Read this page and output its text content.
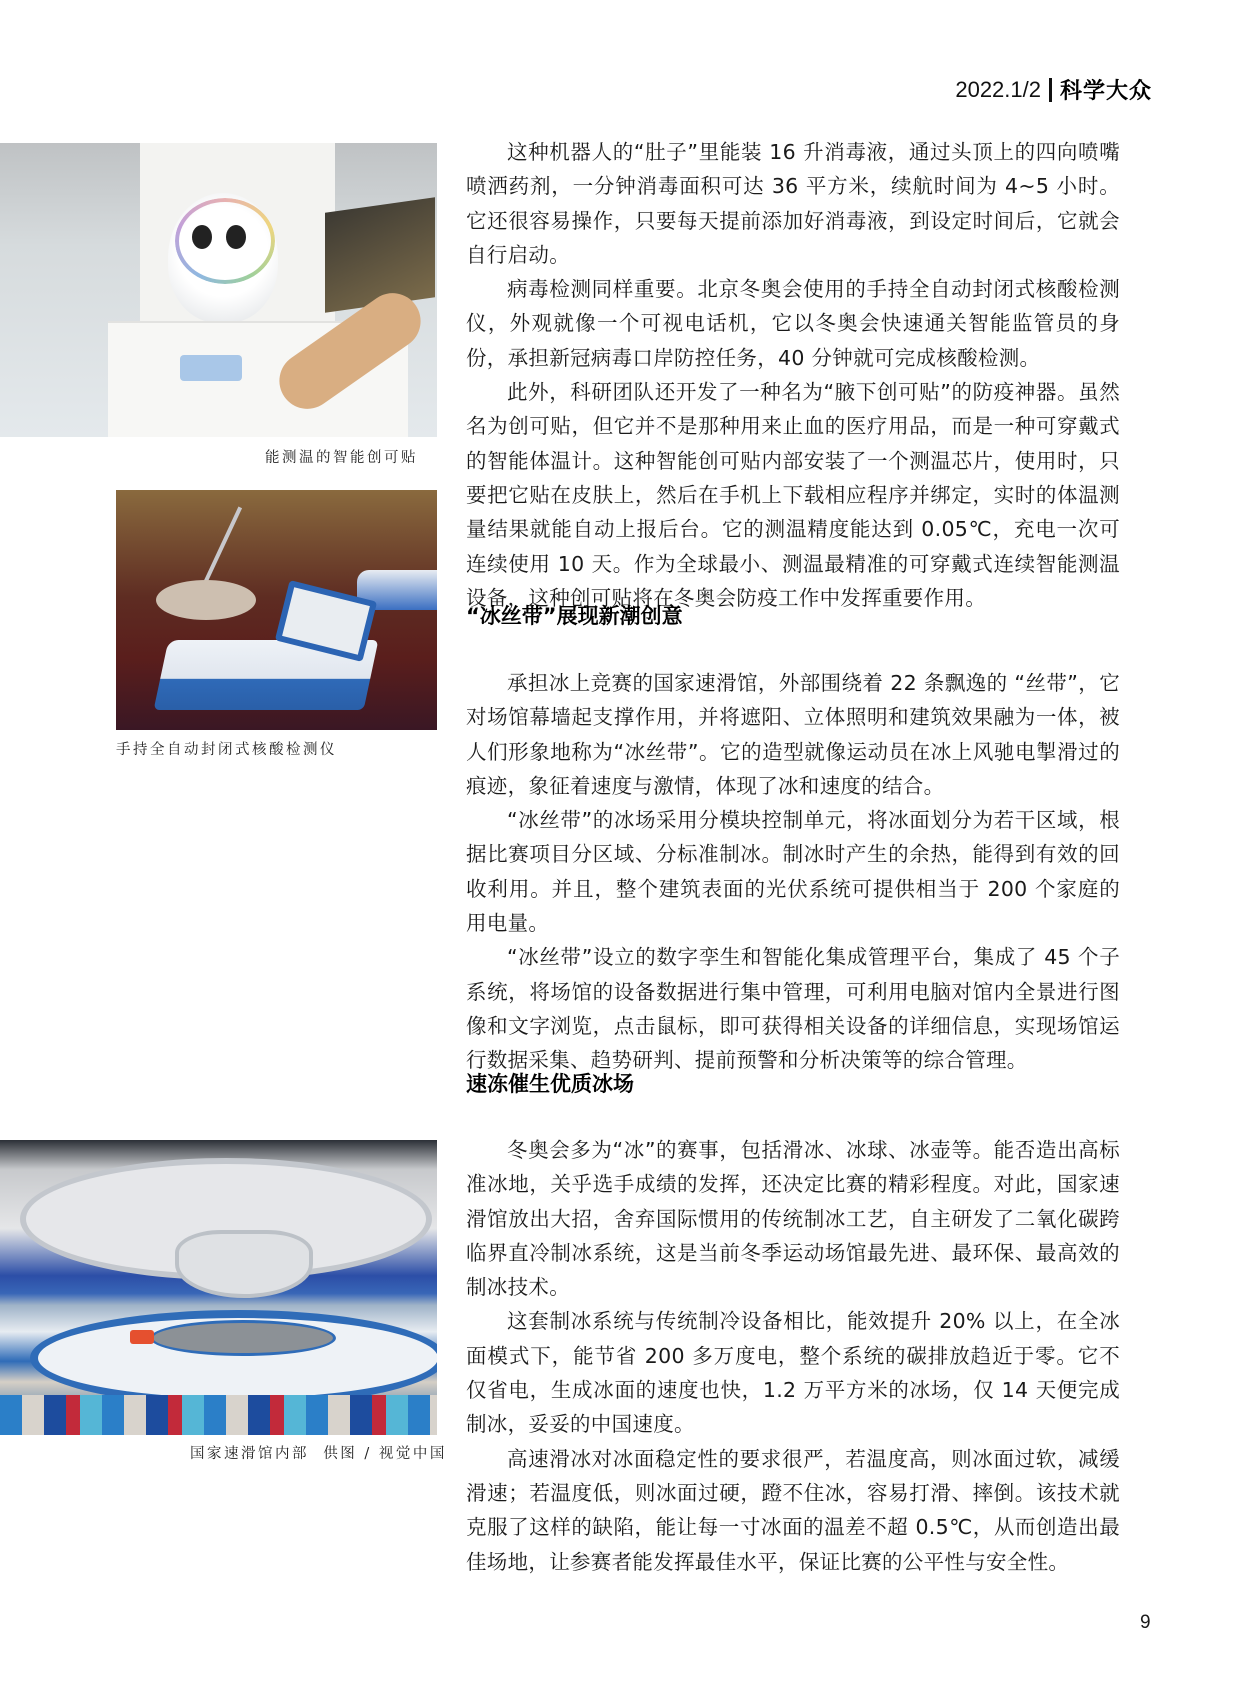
2022.1/2 科学大众
能测温的智能创可贴
手持全自动封闭式核酸检测仪
国家速滑馆内部  供图 / 视觉中国

这种机器人的“肚子”里能装 16 升消毒液，通过头顶上的四向喷嘴喷洒药剂，一分钟消毒面积可达 36 平方米，续航时间为 4~5 小时。它还很容易操作，只要每天提前添加好消毒液，到设定时间后，它就会自行启动。

病毒检测同样重要。北京冬奥会使用的手持全自动封闭式核酸检测仪，外观就像一个可视电话机，它以冬奥会快速通关智能监管员的身份，承担新冠病毒口岸防控任务，40 分钟就可完成核酸检测。

此外，科研团队还开发了一种名为“腋下创可贴”的防疫神器。虽然名为创可贴，但它并不是那种用来止血的医疗用品，而是一种可穿戴式的智能体温计。这种智能创可贴内部安装了一个测温芯片，使用时，只要把它贴在皮肤上，然后在手机上下载相应程序并绑定，实时的体温测量结果就能自动上报后台。它的测温精度能达到 0.05℃，充电一次可连续使用 10 天。作为全球最小、测温最精准的可穿戴式连续智能测温设备，这种创可贴将在冬奥会防疫工作中发挥重要作用。

“冰丝带”展现新潮创意

承担冰上竞赛的国家速滑馆，外部围绕着 22 条飘逸的 “丝带”，它对场馆幕墙起支撑作用，并将遮阳、立体照明和建筑效果融为一体，被人们形象地称为“冰丝带”。它的造型就像运动员在冰上风驰电掣滑过的痕迹，象征着速度与激情，体现了冰和速度的结合。

“冰丝带”的冰场采用分模块控制单元，将冰面划分为若干区域，根据比赛项目分区域、分标准制冰。制冰时产生的余热，能得到有效的回收利用。并且，整个建筑表面的光伏系统可提供相当于 200 个家庭的用电量。

“冰丝带”设立的数字孪生和智能化集成管理平台，集成了 45 个子系统，将场馆的设备数据进行集中管理，可利用电脑对馆内全景进行图像和文字浏览，点击鼠标，即可获得相关设备的详细信息，实现场馆运行数据采集、趋势研判、提前预警和分析决策等的综合管理。

速冻催生优质冰场

冬奥会多为“冰”的赛事，包括滑冰、冰球、冰壶等。能否造出高标准冰地，关乎选手成绩的发挥，还决定比赛的精彩程度。对此，国家速滑馆放出大招，舍弃国际惯用的传统制冰工艺，自主研发了二氧化碳跨临界直冷制冰系统，这是当前冬季运动场馆最先进、最环保、最高效的制冰技术。

这套制冰系统与传统制冷设备相比，能效提升 20% 以上，在全冰面模式下，能节省 200 多万度电，整个系统的碳排放趋近于零。它不仅省电，生成冰面的速度也快，1.2 万平方米的冰场，仅 14 天便完成制冰，妥妥的中国速度。

高速滑冰对冰面稳定性的要求很严，若温度高，则冰面过软，减缓滑速；若温度低，则冰面过硬，蹬不住冰，容易打滑、摔倒。该技术就克服了这样的缺陷，能让每一寸冰面的温差不超 0.5℃，从而创造出最佳场地，让参赛者能发挥最佳水平，保证比赛的公平性与安全性。

9
